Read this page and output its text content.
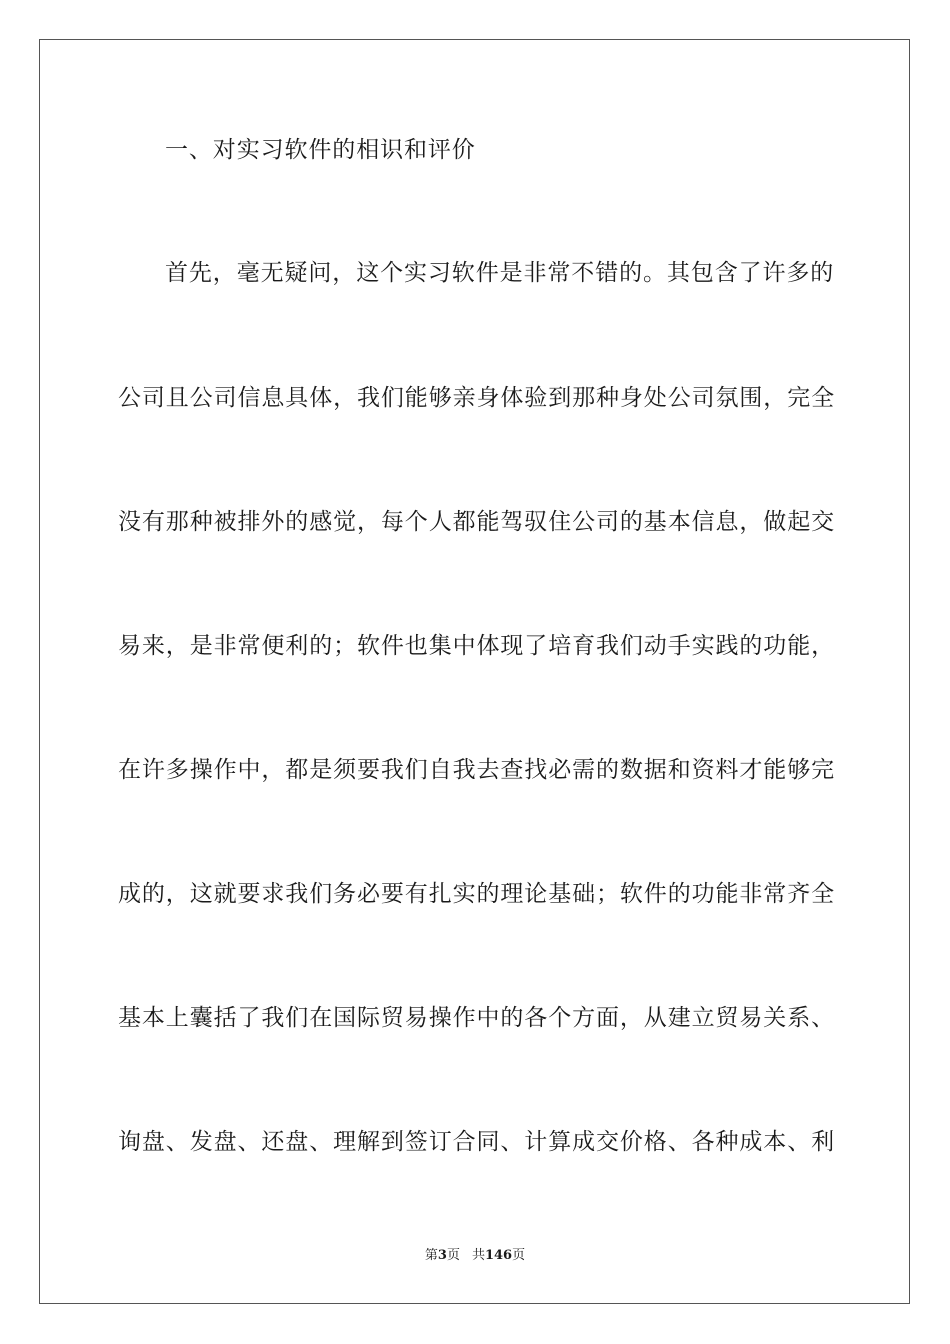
一、对实习软件的相识和评价
首先，毫无疑问，这个实习软件是非常不错的。其包含了许多的
公司且公司信息具体，我们能够亲身体验到那种身处公司氛围，完全
没有那种被排外的感觉，每个人都能驾驭住公司的基本信息，做起交
易来，是非常便利的；软件也集中体现了培育我们动手实践的功能，
在许多操作中，都是须要我们自我去查找必需的数据和资料才能够完
成的，这就要求我们务必要有扎实的理论基础；软件的功能非常齐全
基本上囊括了我们在国际贸易操作中的各个方面，从建立贸易关系、
询盘、发盘、还盘、理解到签订合同、计算成交价格、各种成本、利
第3页 共146页
